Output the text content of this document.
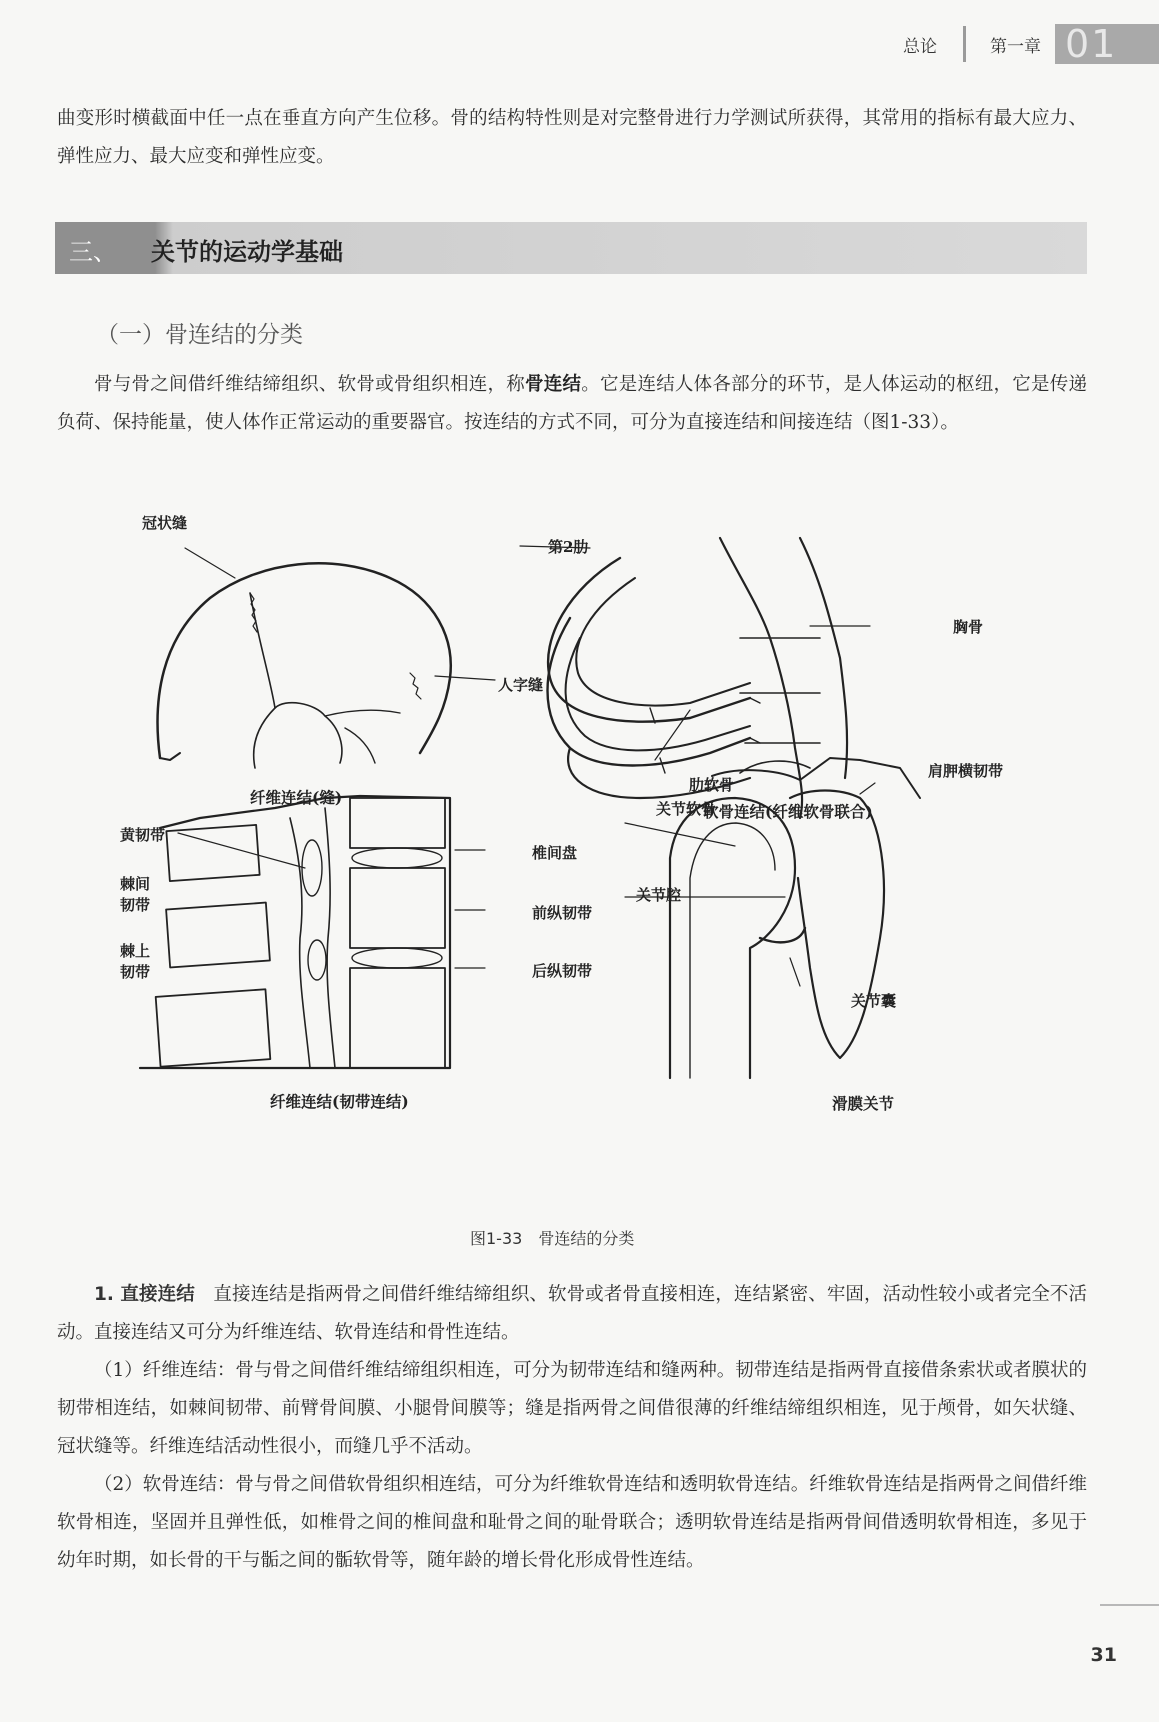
总论	第一章 01

曲变形时横截面中任一点在垂直方向产生位移。骨的结构特性则是对完整骨进行力学测试所获得，其常用的指标有最大应力、弹性应力、最大应变和弹性应变。

三、 关节的运动学基础
（一）骨连结的分类

骨与骨之间借纤维结缔组织、软骨或骨组织相连，称骨连结。它是连结人体各部分的环节，是人体运动的枢纽，它是传递负荷、保持能量，使人体作正常运动的重要器官。按连结的方式不同，可分为直接连结和间接连结（图1-33）。

冠状缝
人字缝
纤维连结(缝)
第2肋
胸骨
肋软骨
软骨连结(纤维软骨联合)
黄韧带
棘间
韧带
棘上
韧带
椎间盘
前纵韧带
后纵韧带
纤维连结(韧带连结)
肩胛横韧带
关节软骨
关节腔
关节囊
滑膜关节
图1-33　骨连结的分类

1. 直接连结　直接连结是指两骨之间借纤维结缔组织、软骨或者骨直接相连，连结紧密、牢固，活动性较小或者完全不活动。直接连结又可分为纤维连结、软骨连结和骨性连结。

（1）纤维连结：骨与骨之间借纤维结缔组织相连，可分为韧带连结和缝两种。韧带连结是指两骨直接借条索状或者膜状的韧带相连结，如棘间韧带、前臂骨间膜、小腿骨间膜等；缝是指两骨之间借很薄的纤维结缔组织相连，见于颅骨，如矢状缝、冠状缝等。纤维连结活动性很小，而缝几乎不活动。

（2）软骨连结：骨与骨之间借软骨组织相连结，可分为纤维软骨连结和透明软骨连结。纤维软骨连结是指两骨之间借纤维软骨相连，坚固并且弹性低，如椎骨之间的椎间盘和耻骨之间的耻骨联合；透明软骨连结是指两骨间借透明软骨相连，多见于幼年时期，如长骨的干与骺之间的骺软骨等，随年龄的增长骨化形成骨性连结。

31
